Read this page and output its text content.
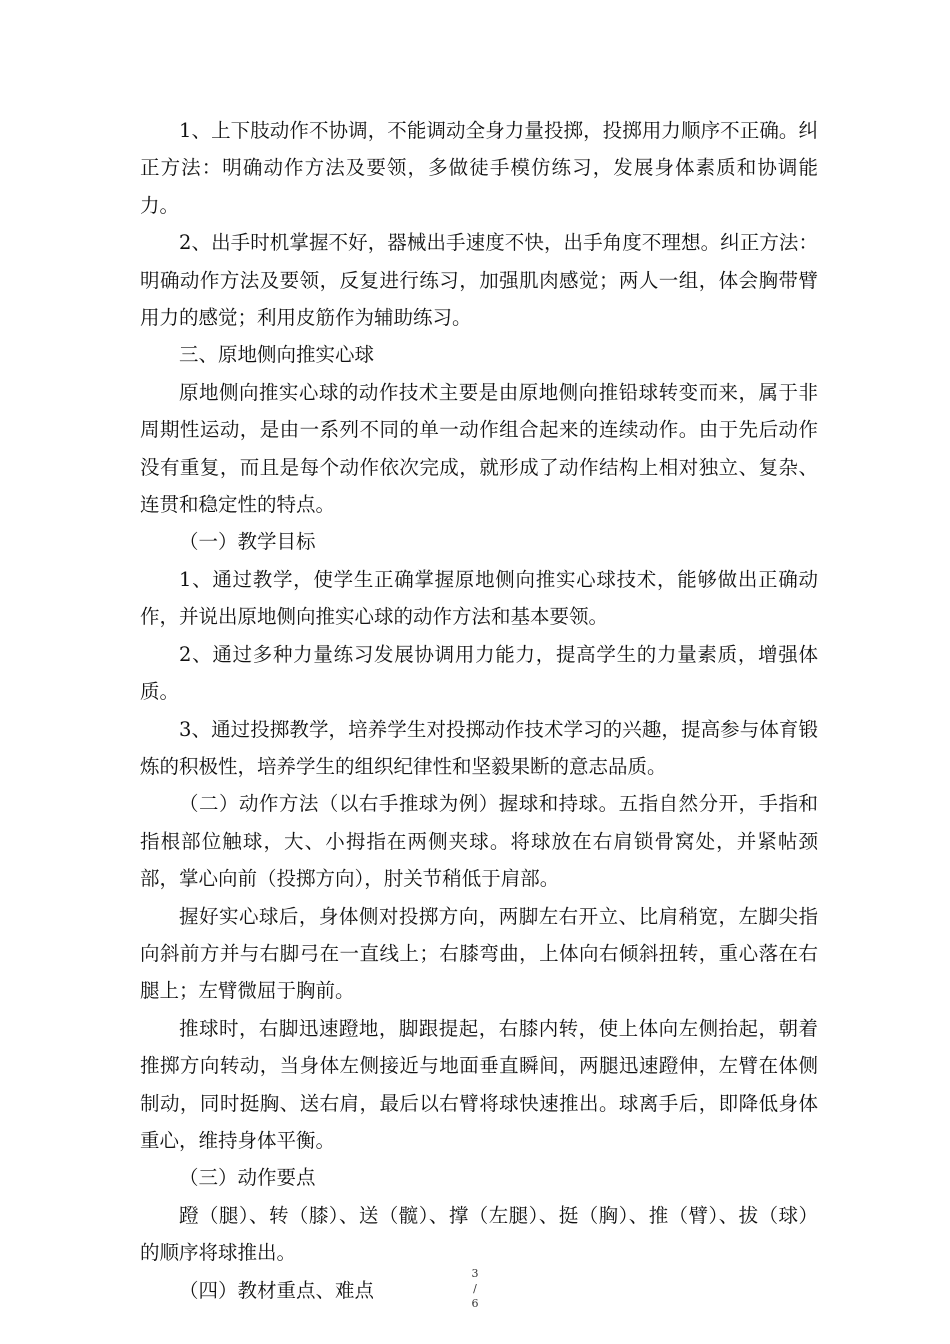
1、上下肢动作不协调，不能调动全身力量投掷，投掷用力顺序不正确。纠正方法：明确动作方法及要领，多做徒手模仿练习，发展身体素质和协调能力。

2、出手时机掌握不好，器械出手速度不快，出手角度不理想。纠正方法：明确动作方法及要领，反复进行练习，加强肌肉感觉；两人一组，体会胸带臂用力的感觉；利用皮筋作为辅助练习。

三、原地侧向推实心球

原地侧向推实心球的动作技术主要是由原地侧向推铅球转变而来，属于非周期性运动，是由一系列不同的单一动作组合起来的连续动作。由于先后动作没有重复，而且是每个动作依次完成，就形成了动作结构上相对独立、复杂、连贯和稳定性的特点。

（一）教学目标

1、通过教学，使学生正确掌握原地侧向推实心球技术，能够做出正确动作，并说出原地侧向推实心球的动作方法和基本要领。

2、通过多种力量练习发展协调用力能力，提高学生的力量素质，增强体质。

3、通过投掷教学，培养学生对投掷动作技术学习的兴趣，提高参与体育锻炼的积极性，培养学生的组织纪律性和坚毅果断的意志品质。

（二）动作方法（以右手推球为例）握球和持球。五指自然分开，手指和指根部位触球，大、小拇指在两侧夹球。将球放在右肩锁骨窝处，并紧帖颈部，掌心向前（投掷方向），肘关节稍低于肩部。

握好实心球后，身体侧对投掷方向，两脚左右开立、比肩稍宽，左脚尖指向斜前方并与右脚弓在一直线上；右膝弯曲，上体向右倾斜扭转，重心落在右腿上；左臂微屈于胸前。

推球时，右脚迅速蹬地，脚跟提起，右膝内转，使上体向左侧抬起，朝着推掷方向转动，当身体左侧接近与地面垂直瞬间，两腿迅速蹬伸，左臂在体侧制动，同时挺胸、送右肩，最后以右臂将球快速推出。球离手后，即降低身体重心，维持身体平衡。

（三）动作要点

蹬（腿）、转（膝）、送（髋）、撑（左腿）、挺（胸）、推（臂）、拔（球）的顺序将球推出。

（四）教材重点、难点

3
/
6
